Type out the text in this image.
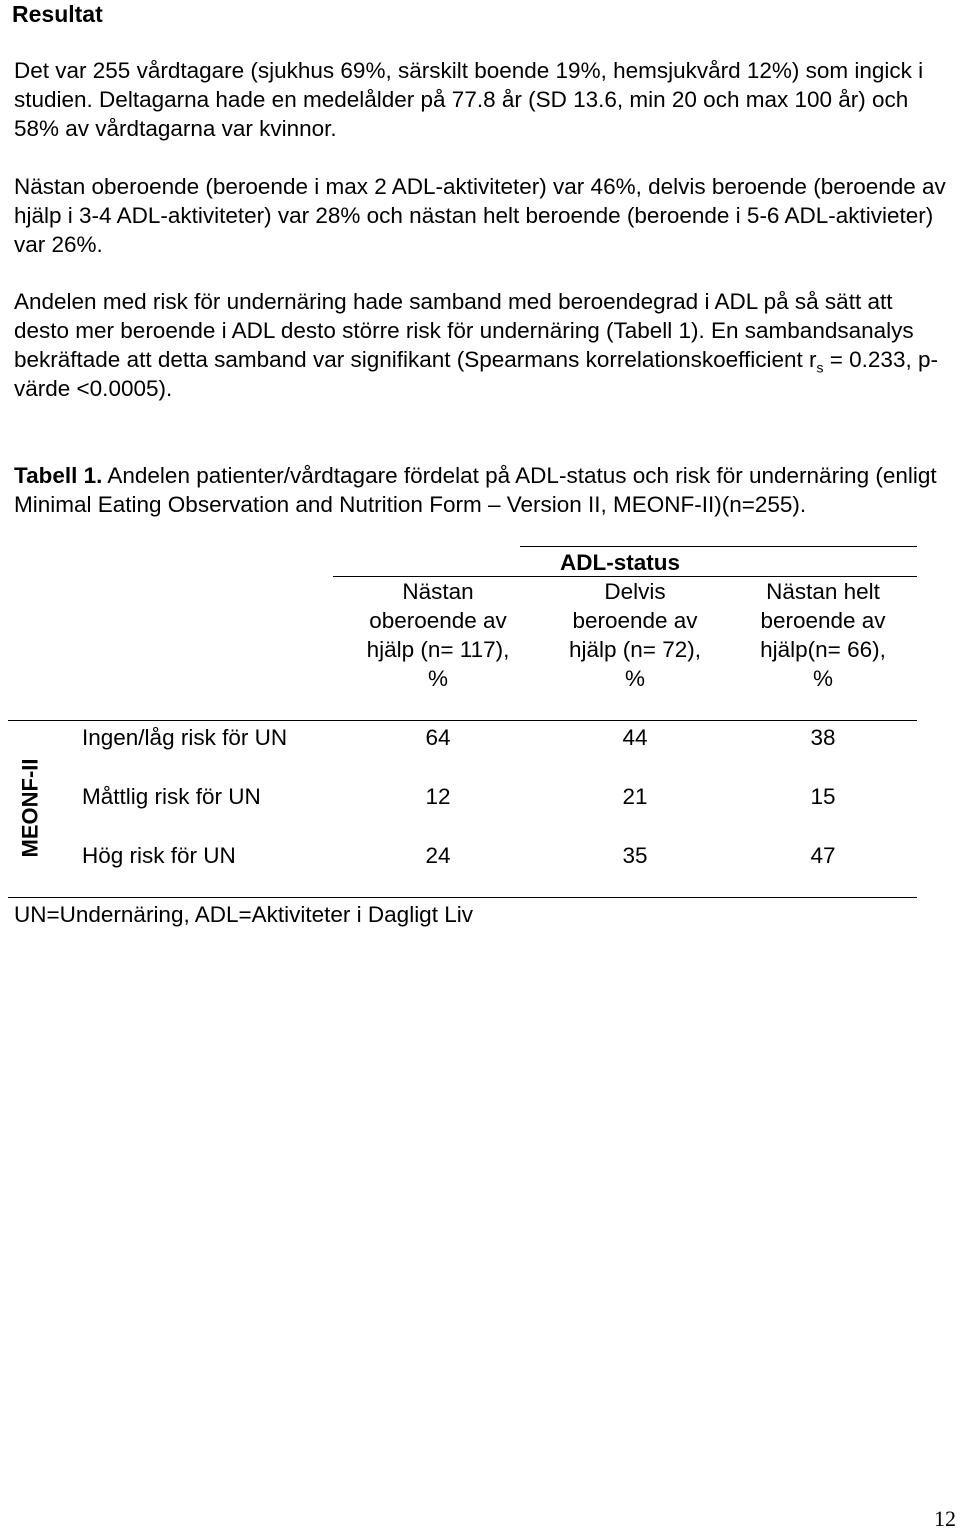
Resultat

Det var 255 vårdtagare (sjukhus 69%, särskilt boende 19%, hemsjukvård 12%) som ingick i studien. Deltagarna hade en medelålder på 77.8 år (SD 13.6, min 20 och max 100 år) och 58% av vårdtagarna var kvinnor.

Nästan oberoende (beroende i max 2 ADL-aktiviteter) var 46%, delvis beroende (beroende av hjälp i 3-4 ADL-aktiviteter) var 28% och nästan helt beroende (beroende i 5-6 ADL-aktivieter) var 26%.

Andelen med risk för undernäring hade samband med beroendegrad i ADL på så sätt att desto mer beroende i ADL desto större risk för undernäring (Tabell 1). En sambandsanalys bekräftade att detta samband var signifikant (Spearmans korrelationskoefficient $r_s = 0.233$, p-värde <0.0005).

Tabell 1. Andelen patienter/vårdtagare fördelat på ADL-status och risk för undernäring (enligt Minimal Eating Observation and Nutrition Form – Version II, MEONF-II)(n=255).

ADL-status
Nästan
oberoende av
hjälp (n= 117),
%
Delvis
beroende av
hjälp (n= 72),
%
Nästan helt
beroende av
hjälp(n= 66),
%
MEONF-II
Ingen/låg risk för UN	64	44	38
Måttlig risk för UN	12	21	15
Hög risk för UN	24	35	47
UN=Undernäring, ADL=Aktiviteter i Dagligt Liv
12
